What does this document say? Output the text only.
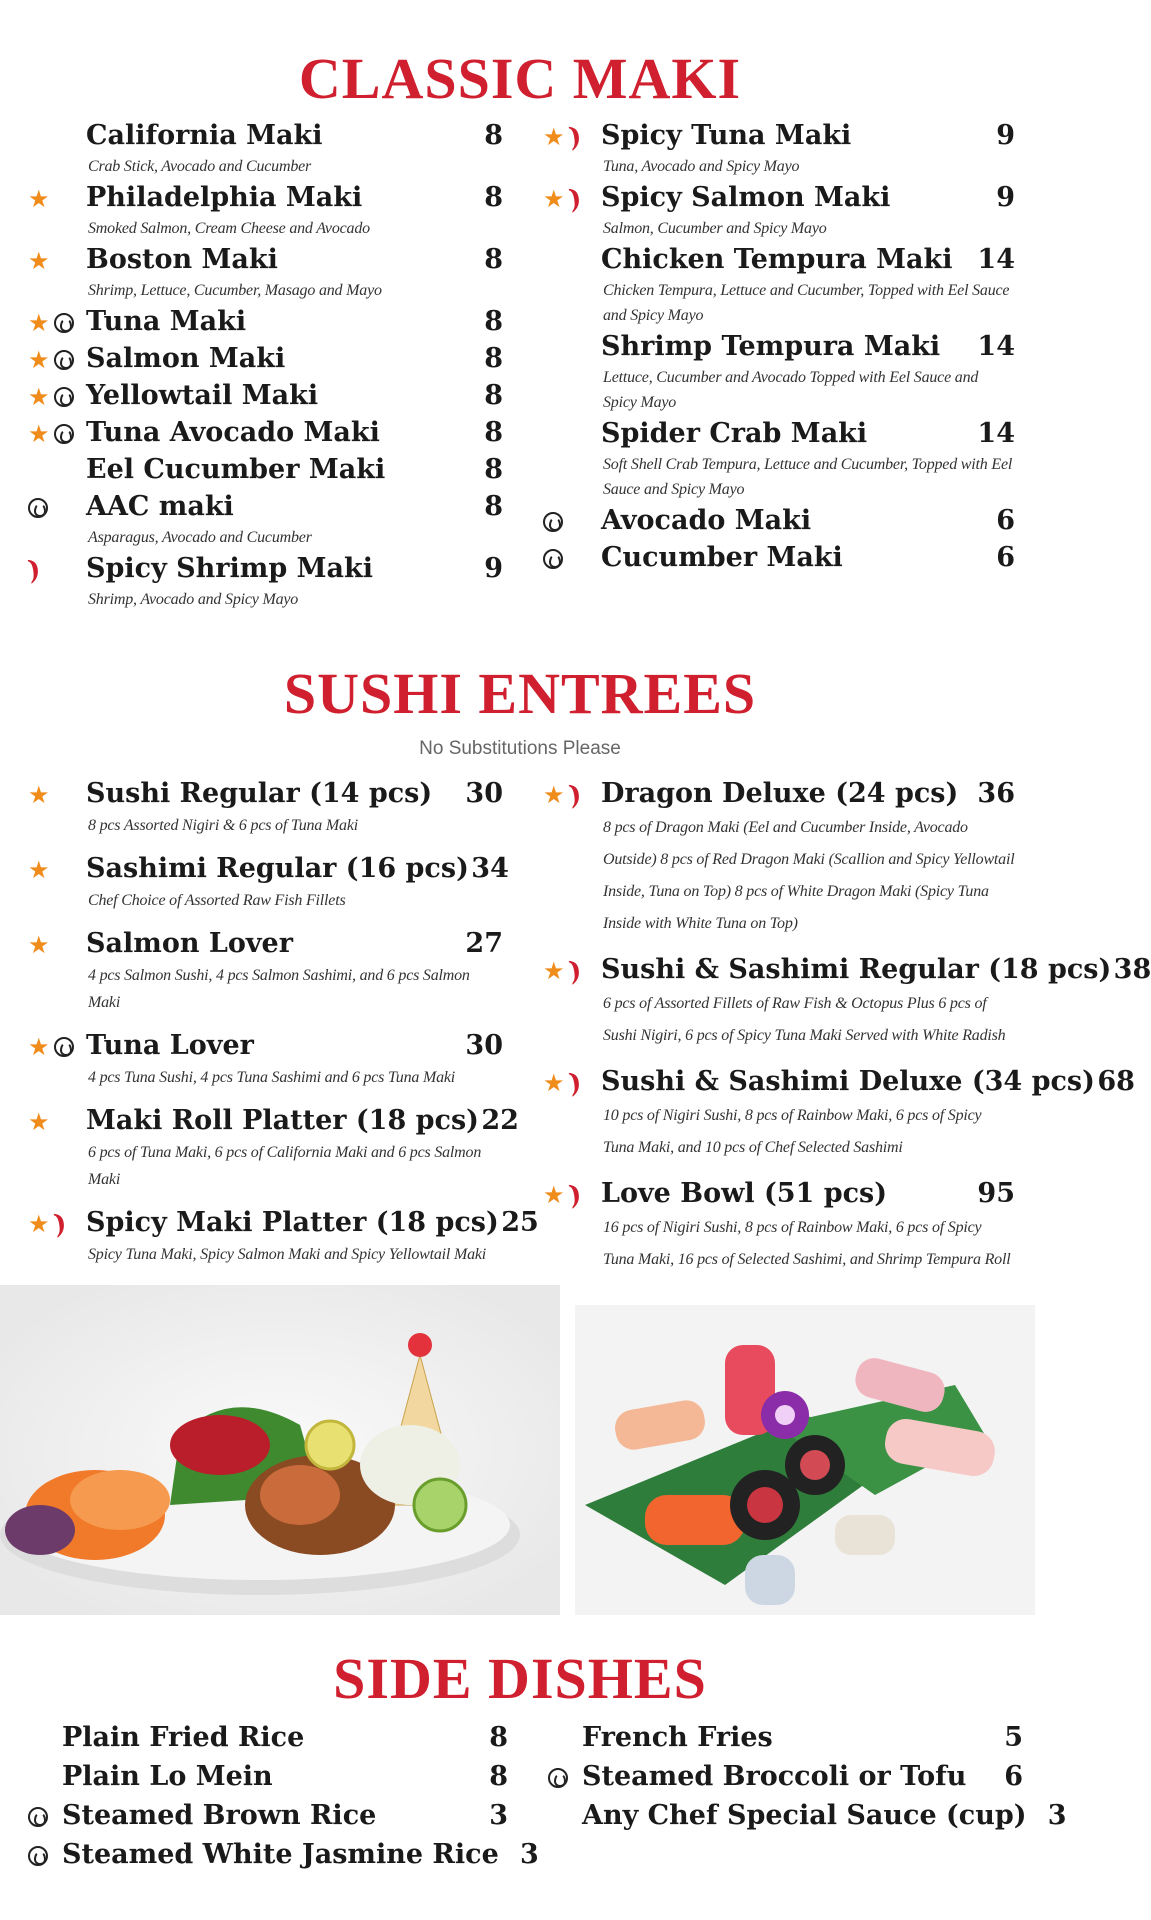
CLASSIC MAKI
California Maki	8
Crab Stick, Avocado and Cucumber
★ Philadelphia Maki	8
Smoked Salmon, Cream Cheese and Avocado
★ Boston Maki	8
Shrimp, Lettuce, Cucumber, Masago and Mayo
★ Tuna Maki	8
★ Salmon Maki	8
★ Yellowtail Maki	8
★ Tuna Avocado Maki	8
Eel Cucumber Maki	8
AAC maki	8
Asparagus, Avocado and Cucumber
) Spicy Shrimp Maki	9
Shrimp, Avocado and Spicy Mayo
★ ) Spicy Tuna Maki	9
Tuna, Avocado and Spicy Mayo
★ ) Spicy Salmon Maki	9
Salmon, Cucumber and Spicy Mayo
Chicken Tempura Maki 14
Chicken Tempura, Lettuce and Cucumber, Topped with Eel Sauce and Spicy Mayo
Shrimp Tempura Maki	14
Lettuce, Cucumber and Avocado Topped with Eel Sauce and Spicy Mayo
Spider Crab Maki	14
Soft Shell Crab Tempura, Lettuce and Cucumber, Topped with Eel Sauce and Spicy Mayo
Avocado Maki	6
Cucumber Maki	6
SUSHI ENTREES
No Substitutions Please
★ Sushi Regular (14 pcs)	30
8 pcs Assorted Nigiri & 6 pcs of Tuna Maki
★ Sashimi Regular (16 pcs) 34
Chef Choice of Assorted Raw Fish Fillets
★ Salmon Lover	27
4 pcs Salmon Sushi, 4 pcs Salmon Sashimi, and 6 pcs Salmon Maki
★ Tuna Lover	30
4 pcs Tuna Sushi, 4 pcs Tuna Sashimi and 6 pcs Tuna Maki
★ Maki Roll Platter (18 pcs) 22
6 pcs of Tuna Maki, 6 pcs of California Maki and 6 pcs Salmon Maki
★ ) Spicy Maki Platter (18 pcs) 25
Spicy Tuna Maki, Spicy Salmon Maki and Spicy Yellowtail Maki
★ ) Dragon Deluxe (24 pcs) 36
8 pcs of Dragon Maki (Eel and Cucumber Inside, Avocado Outside) 8 pcs of Red Dragon Maki (Scallion and Spicy Yellowtail Inside, Tuna on Top) 8 pcs of White Dragon Maki (Spicy Tuna Inside with White Tuna on Top)
★ ) Sushi & Sashimi Regular (18 pcs) 38
6 pcs of Assorted Fillets of Raw Fish & Octopus Plus 6 pcs of Sushi Nigiri, 6 pcs of Spicy Tuna Maki Served with White Radish
★ ) Sushi & Sashimi Deluxe (34 pcs) 68
10 pcs of Nigiri Sushi, 8 pcs of Rainbow Maki, 6 pcs of Spicy Tuna Maki, and 10 pcs of Chef Selected Sashimi
★ ) Love Bowl (51 pcs)	95
16 pcs of Nigiri Sushi, 8 pcs of Rainbow Maki, 6 pcs of Spicy Tuna Maki, 16 pcs of Selected Sashimi, and Shrimp Tempura Roll
SIDE DISHES
Plain Fried Rice	8
Plain Lo Mein	8
Steamed Brown Rice	3
Steamed White Jasmine Rice 3
French Fries	5
Steamed Broccoli or Tofu	6
Any Chef Special Sauce (cup) 3
